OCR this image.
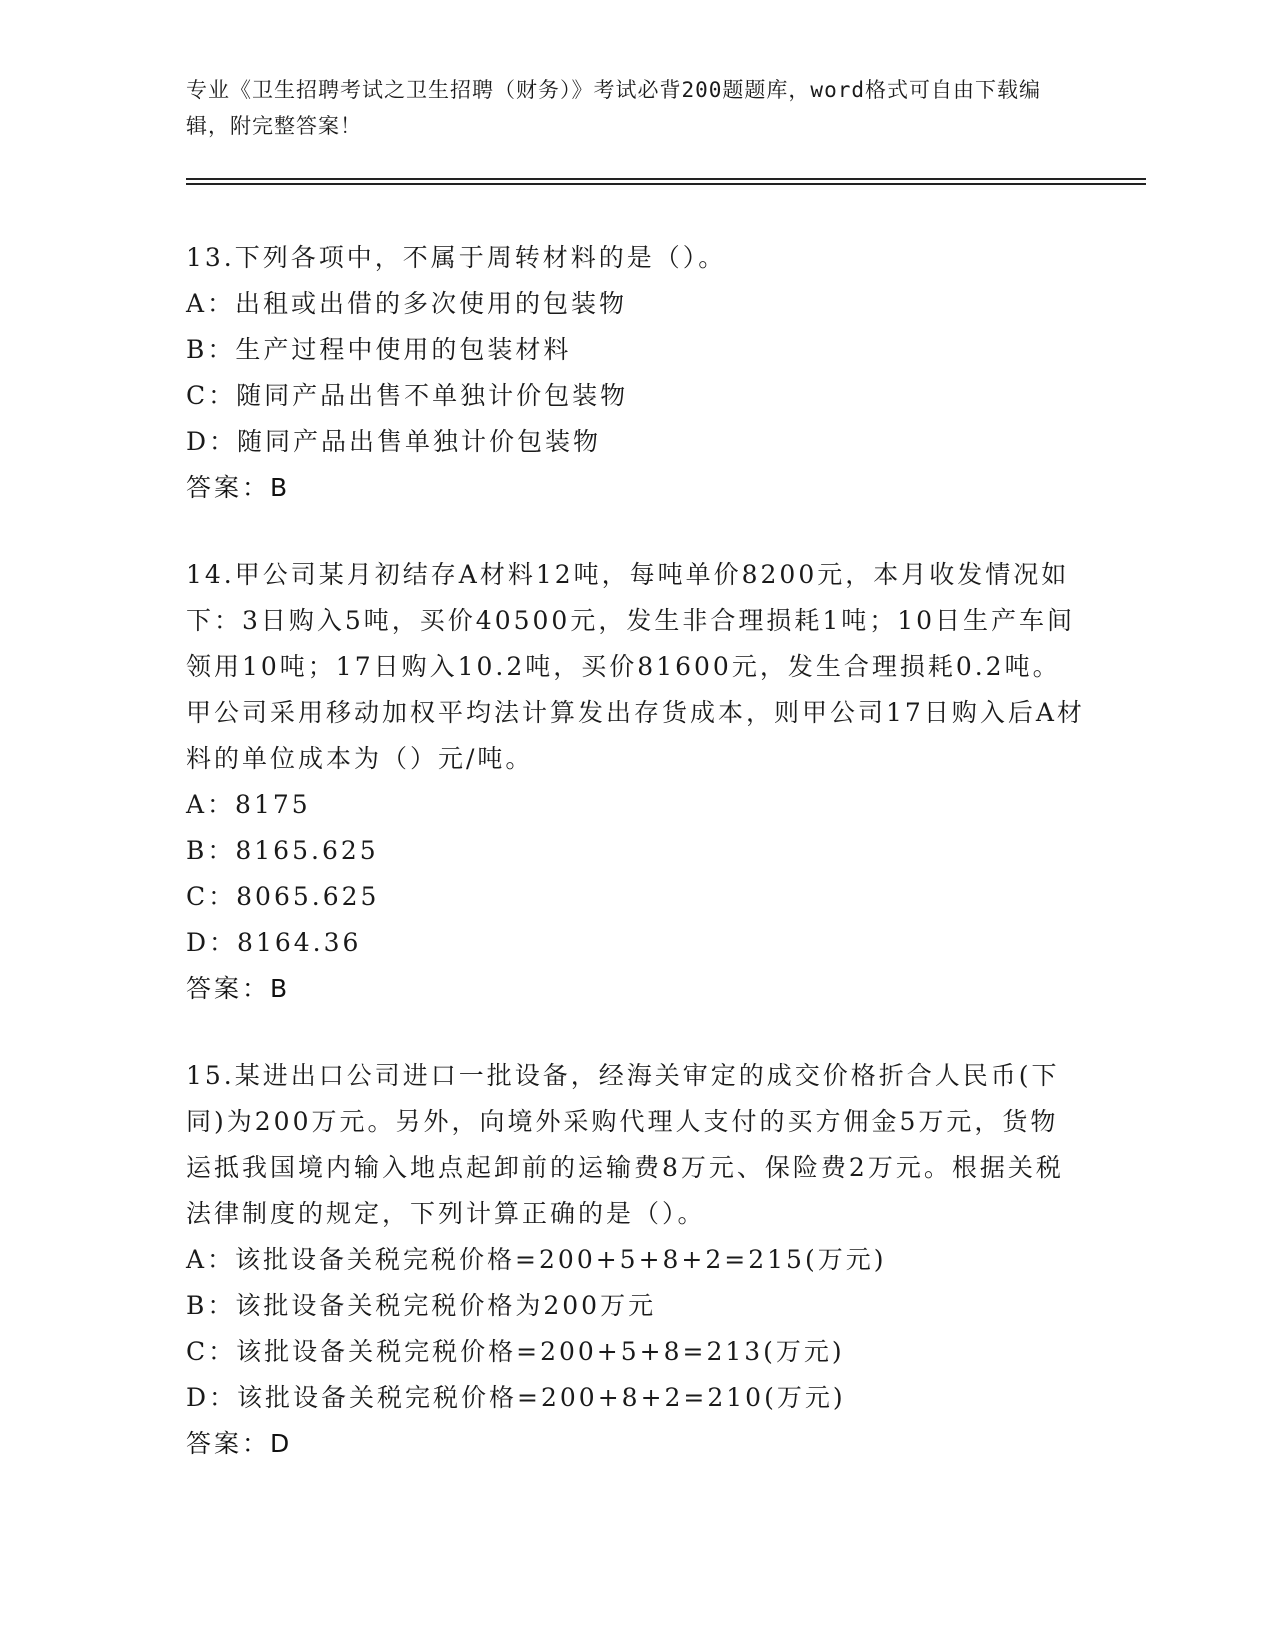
专业《卫生招聘考试之卫生招聘（财务）》考试必背200题题库，word格式可自由下载编辑，附完整答案！
13.下列各项中，不属于周转材料的是（）。
A：出租或出借的多次使用的包装物
B：生产过程中使用的包装材料
C：随同产品出售不单独计价包装物
D：随同产品出售单独计价包装物
答案：B
14.甲公司某月初结存A材料12吨，每吨单价8200元，本月收发情况如下：3日购入5吨，买价40500元，发生非合理损耗1吨；10日生产车间领用10吨；17日购入10.2吨，买价81600元，发生合理损耗0.2吨。甲公司采用移动加权平均法计算发出存货成本，则甲公司17日购入后A材料的单位成本为（）元/吨。
A：8175
B：8165.625
C：8065.625
D：8164.36
答案：B
15.某进出口公司进口一批设备，经海关审定的成交价格折合人民币(下同)为200万元。另外，向境外采购代理人支付的买方佣金5万元，货物运抵我国境内输入地点起卸前的运输费8万元、保险费2万元。根据关税法律制度的规定，下列计算正确的是（）。
A：该批设备关税完税价格=200+5+8+2=215(万元)
B：该批设备关税完税价格为200万元
C：该批设备关税完税价格=200+5+8=213(万元)
D：该批设备关税完税价格=200+8+2=210(万元)
答案：D
